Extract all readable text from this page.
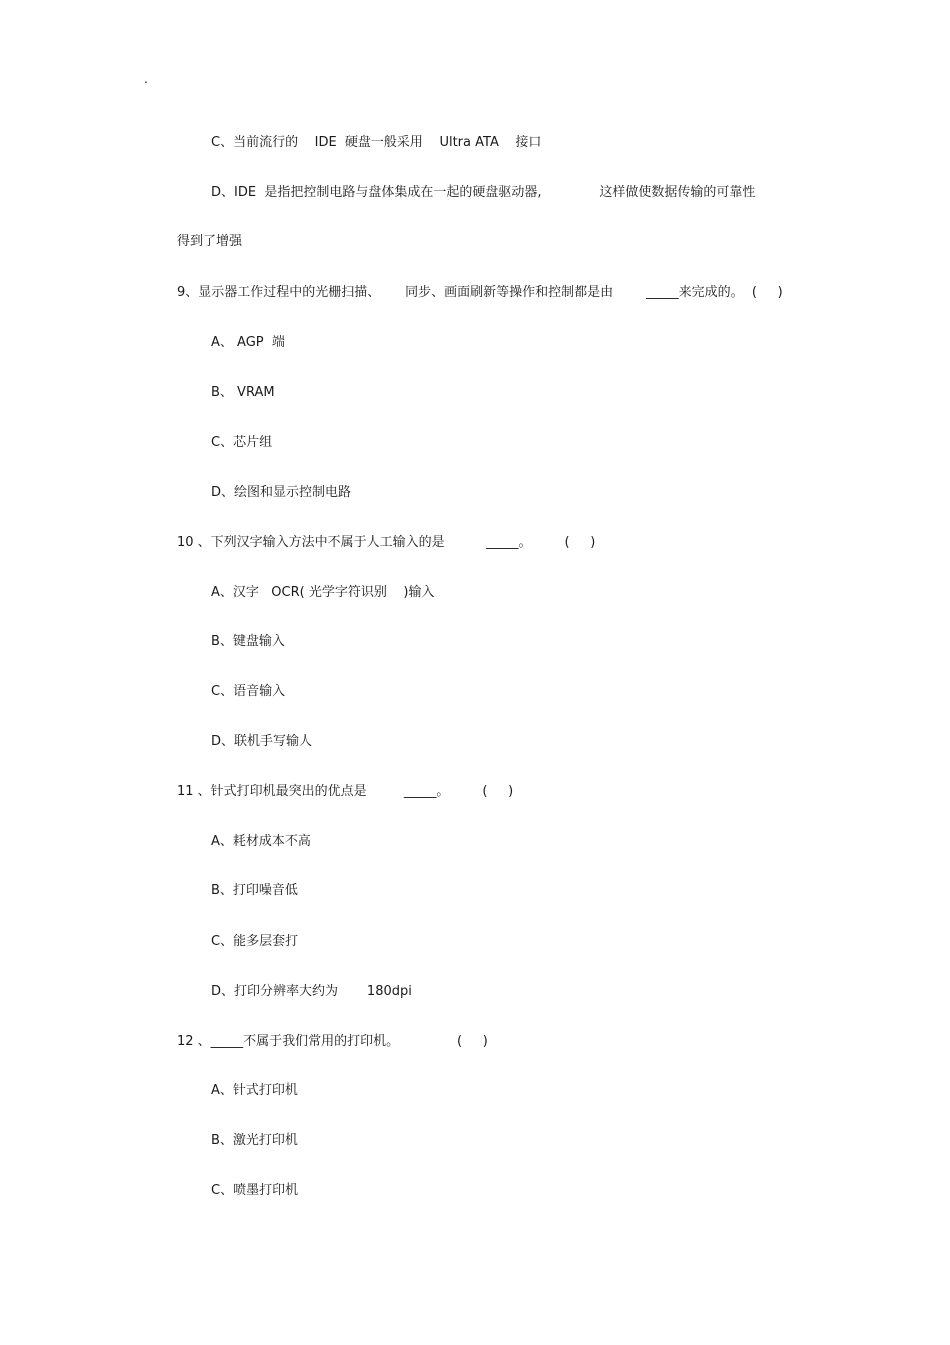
.
C、当前流行的    IDE  硬盘一般采用    Ultra ATA    接口
D、IDE  是指把控制电路与盘体集成在一起的硬盘驱动器,              这样做使数据传输的可靠性
得到了增强
9、显示器工作过程中的光栅扫描、      同步、画面刷新等操作和控制都是由        _____来完成的。  (     )
A、 AGP  端
B、 VRAM
C、芯片组
D、绘图和显示控制电路
10 、下列汉字输入方法中不属于人工输入的是          _____。        (     )
A、汉字   OCR( 光学字符识别    )输入
B、键盘输入
C、语音输入
D、联机手写输人
11 、针式打印机最突出的优点是         _____。        (     )
A、耗材成本不高
B、打印噪音低
C、能多层套打
D、打印分辨率大约为       180dpi
12 、_____不属于我们常用的打印机。              (     )
A、针式打印机
B、激光打印机
C、喷墨打印机
